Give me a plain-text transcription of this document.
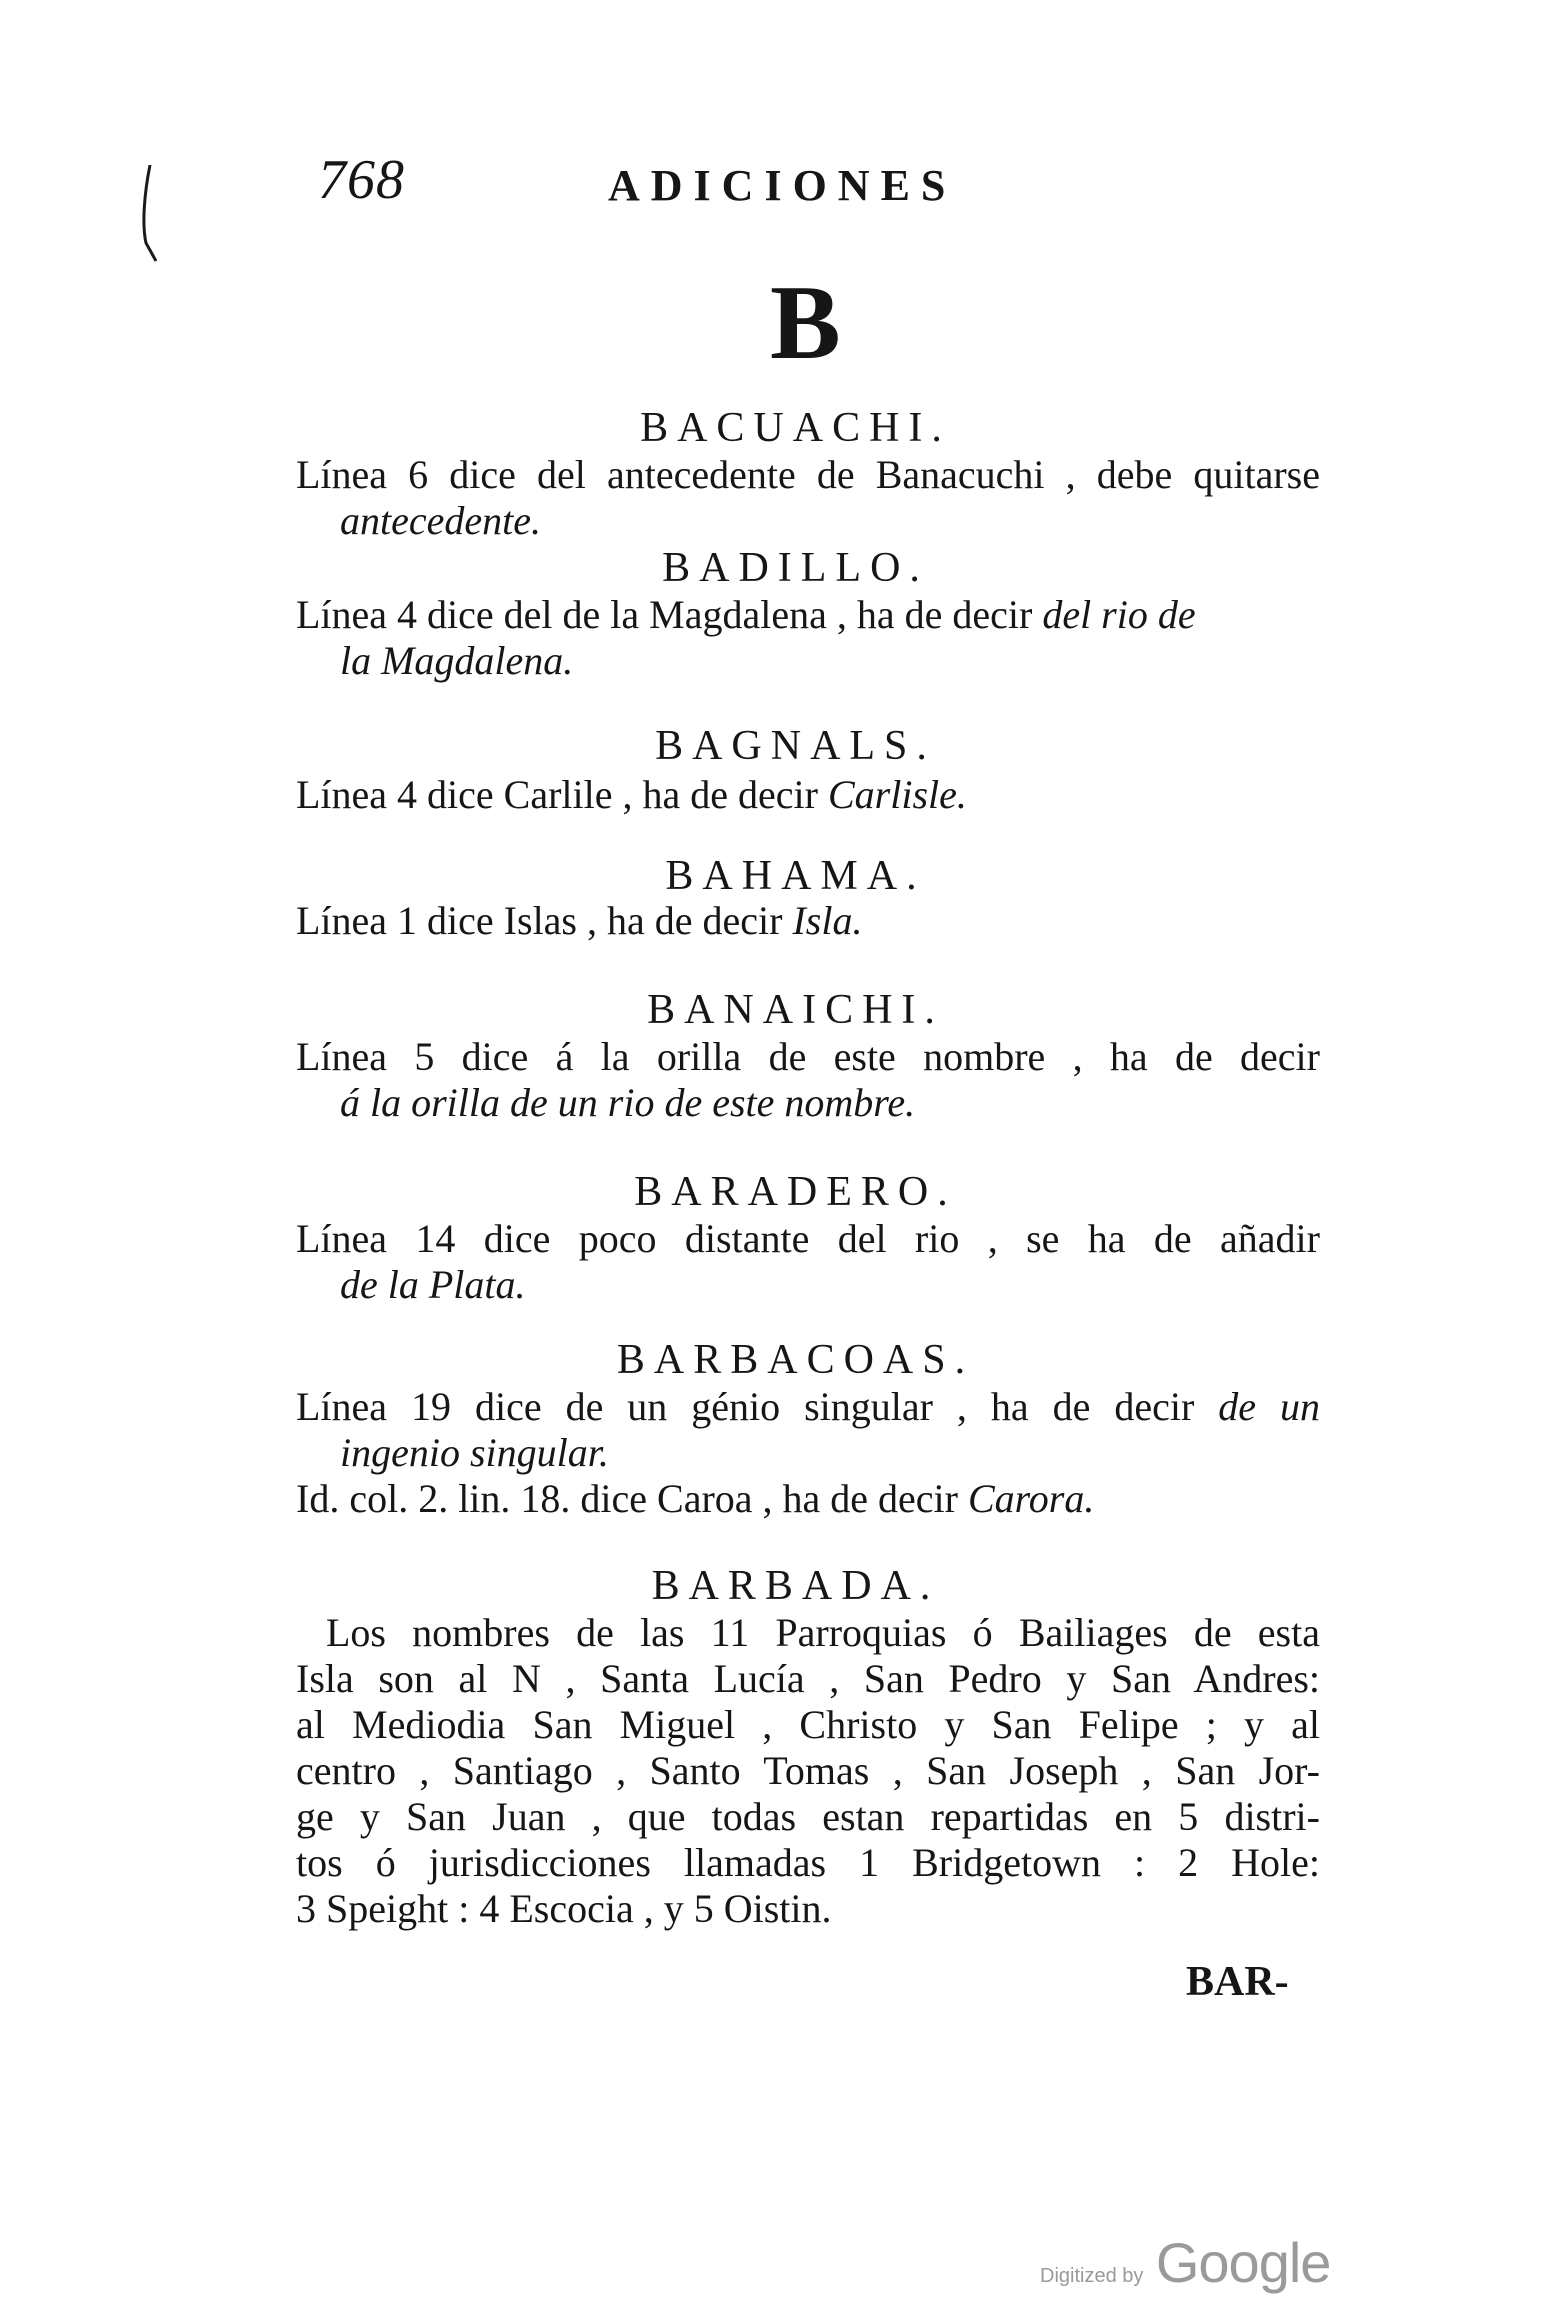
768	ADICIONES
B
BACUACHI.
Línea 6 dice del antecedente de Banacuchi , debe quitarse
antecedente.
BADILLO.
Línea 4 dice del de la Magdalena , ha de decir del rio de
la Magdalena.
BAGNALS.
Línea 4 dice Carlile , ha de decir Carlisle.
BAHAMA.
Línea 1 dice Islas , ha de decir Isla.
BANAICHI.
Línea 5 dice á la orilla de este nombre , ha de decir
á la orilla de un rio de este nombre.
BARADERO.
Línea 14 dice poco distante del rio , se ha de añadir
de la Plata.
BARBACOAS.
Línea 19 dice de un génio singular , ha de decir de un
ingenio singular.
Id. col. 2. lin. 18. dice Caroa , ha de decir Carora.
BARBADA.
Los nombres de las 11 Parroquias ó Bailiages de esta
Isla son al N , Santa Lucía , San Pedro y San Andres:
al Mediodia San Miguel , Christo y San Felipe ; y al
centro , Santiago , Santo Tomas , San Joseph , San Jor-
ge y San Juan , que todas estan repartidas en 5 distri-
tos ó jurisdicciones llamadas 1 Bridgetown : 2 Hole:
3 Speight : 4 Escocia , y 5 Oistin.
BAR-
Digitized by Google
